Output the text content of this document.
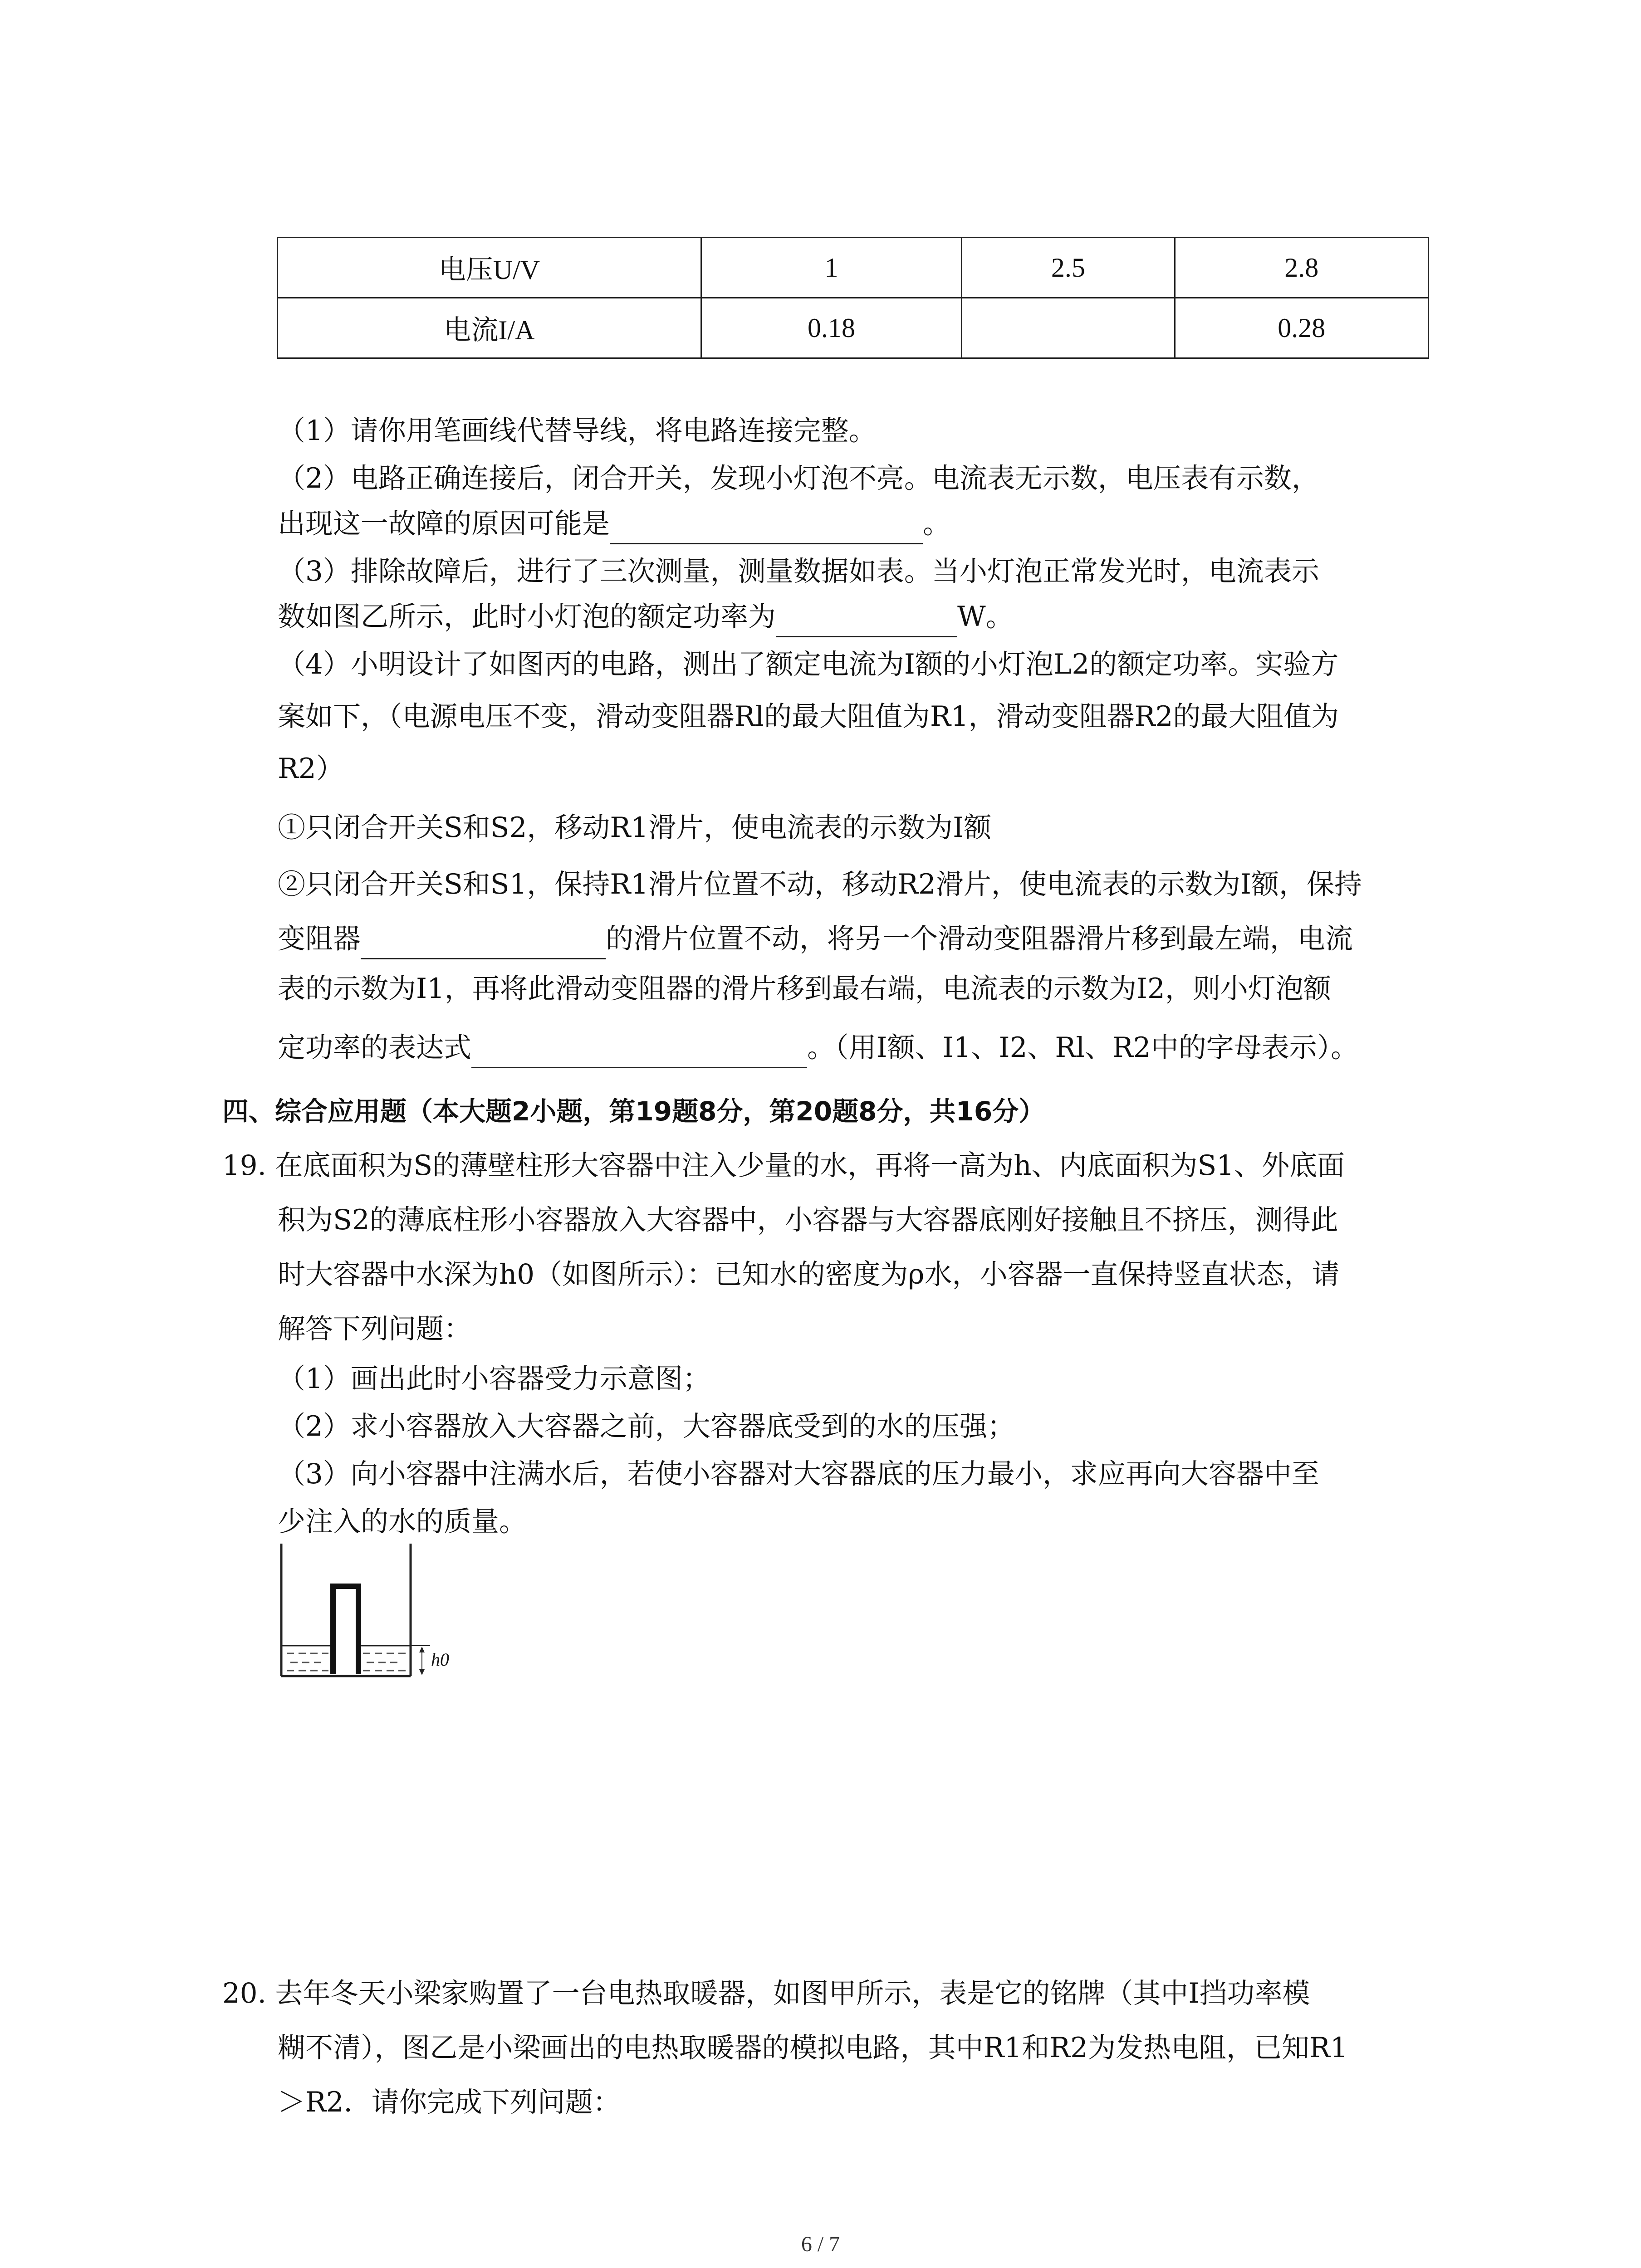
电压U/V	1	2.5	2.8
电流I/A	0.18		0.28
（1）请你用笔画线代替导线，将电路连接完整。
（2）电路正确连接后，闭合开关，发现小灯泡不亮。电流表无示数，电压表有示数，
出现这一故障的原因可能是	。
（3）排除故障后，进行了三次测量，测量数据如表。当小灯泡正常发光时，电流表示
数如图乙所示，此时小灯泡的额定功率为	W。
（4）小明设计了如图丙的电路，测出了额定电流为I额的小灯泡L2的额定功率。实验方
案如下，（电源电压不变，滑动变阻器Rl的最大阻值为R1，滑动变阻器R2的最大阻值为
R2）
①只闭合开关S和S2，移动R1滑片，使电流表的示数为I额
②只闭合开关S和S1，保持R1滑片位置不动，移动R2滑片，使电流表的示数为I额，保持
变阻器	的滑片位置不动，将另一个滑动变阻器滑片移到最左端，电流
表的示数为I1，再将此滑动变阻器的滑片移到最右端，电流表的示数为I2，则小灯泡额
定功率的表达式	。（用I额、I1、I2、Rl、R2中的字母表示）。
四、综合应用题（本大题2小题，第19题8分，第20题8分，共16分）
19. 在底面积为S的薄壁柱形大容器中注入少量的水，再将一高为h、内底面积为S1、外底面
积为S2的薄底柱形小容器放入大容器中，小容器与大容器底刚好接触且不挤压，测得此
时大容器中水深为h0（如图所示）：已知水的密度为ρ水，小容器一直保持竖直状态，请
解答下列问题：
（1）画出此时小容器受力示意图；
（2）求小容器放入大容器之前，大容器底受到的水的压强；
（3）向小容器中注满水后，若使小容器对大容器底的压力最小，求应再向大容器中至
少注入的水的质量。
h0
20. 去年冬天小梁家购置了一台电热取暖器，如图甲所示，表是它的铭牌（其中I挡功率模
糊不清），图乙是小梁画出的电热取暖器的模拟电路，其中R1和R2为发热电阻，已知R1
＞R2．请你完成下列问题：
6 / 7
